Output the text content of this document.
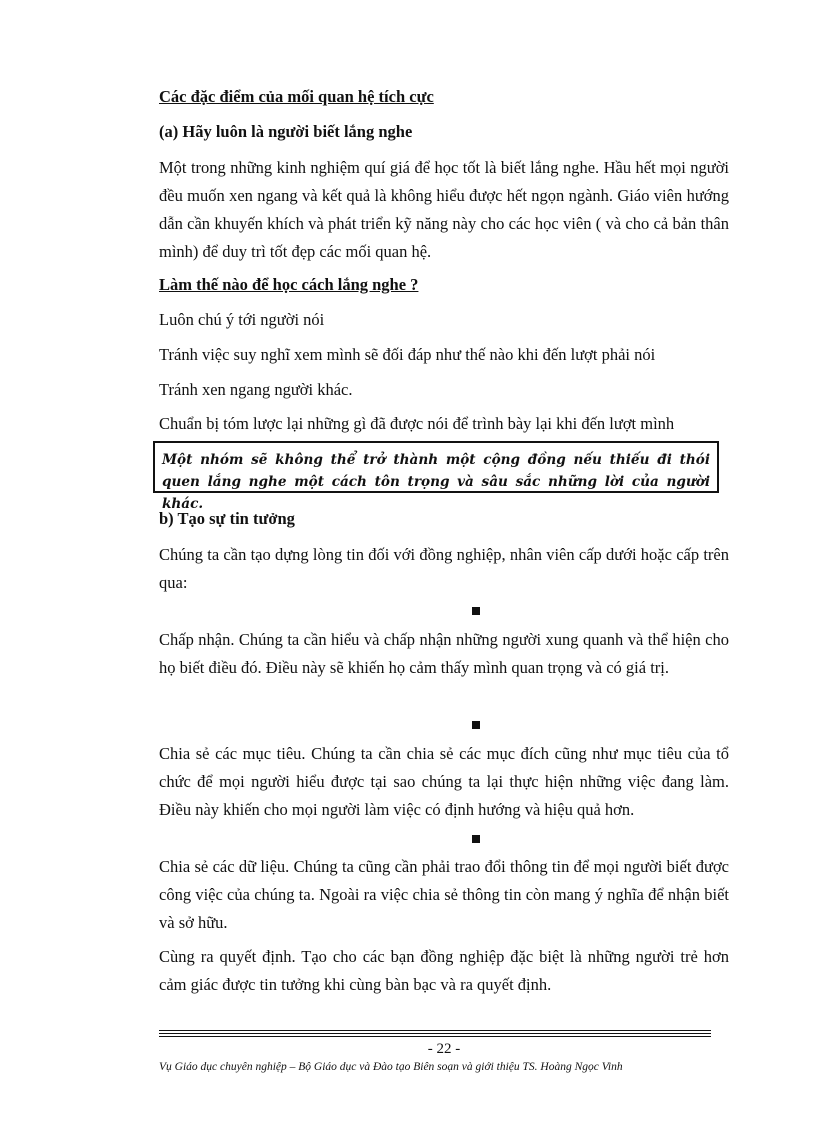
Các đặc điểm của mối quan hệ tích cực

(a) Hãy luôn là người biết lắng nghe

Một trong những kinh nghiệm quí giá để học tốt là biết lắng nghe. Hầu hết mọi người đều muốn xen ngang và kết quả là không hiểu được hết ngọn ngành. Giáo viên hướng dẫn cần khuyến khích và phát triển kỹ năng này cho các học viên ( và cho cả bản thân mình) để duy trì tốt đẹp các mối quan hệ.

Làm thế nào để học cách lắng nghe ?

Luôn chú ý tới người nói

Tránh việc suy nghĩ xem mình sẽ đối đáp như thế nào khi đến lượt phải nói

Tránh xen ngang người khác.

Chuẩn bị tóm lược lại những gì đã được nói để trình bày lại khi đến lượt mình

Một nhóm sẽ không thể trở thành một cộng đồng nếu thiếu đi thói quen lắng nghe một cách tôn trọng và sâu sắc những lời của người khác.

b) Tạo sự tin tưởng

Chúng ta cần tạo dựng lòng tin đối với đồng nghiệp, nhân viên cấp dưới hoặc cấp trên qua:

Chấp nhận. Chúng ta cần hiểu và chấp nhận những người xung quanh và thể hiện cho họ biết điều đó. Điều này sẽ khiến họ cảm thấy mình quan trọng và có giá trị.

Chia sẻ các mục tiêu. Chúng ta cần chia sẻ các mục đích cũng như mục tiêu của tổ chức để mọi người hiểu được tại sao chúng ta lại thực hiện những việc đang làm. Điều này khiến cho mọi người làm việc có định hướng và hiệu quả hơn.

Chia sẻ các dữ liệu. Chúng ta cũng cần phải trao đổi thông tin để mọi người biết được công việc của chúng ta. Ngoài ra việc chia sẻ thông tin còn mang ý nghĩa để nhận biết và sở hữu.

Cùng ra quyết định. Tạo cho các bạn đồng nghiệp đặc biệt là những người trẻ hơn cảm giác được tin tưởng khi cùng bàn bạc và ra quyết định.

- 22 -
Vụ Giáo dục chuyên nghiệp – Bộ Giáo dục và Đào tạo Biên soạn và giới thiệu TS. Hoàng Ngọc Vinh
